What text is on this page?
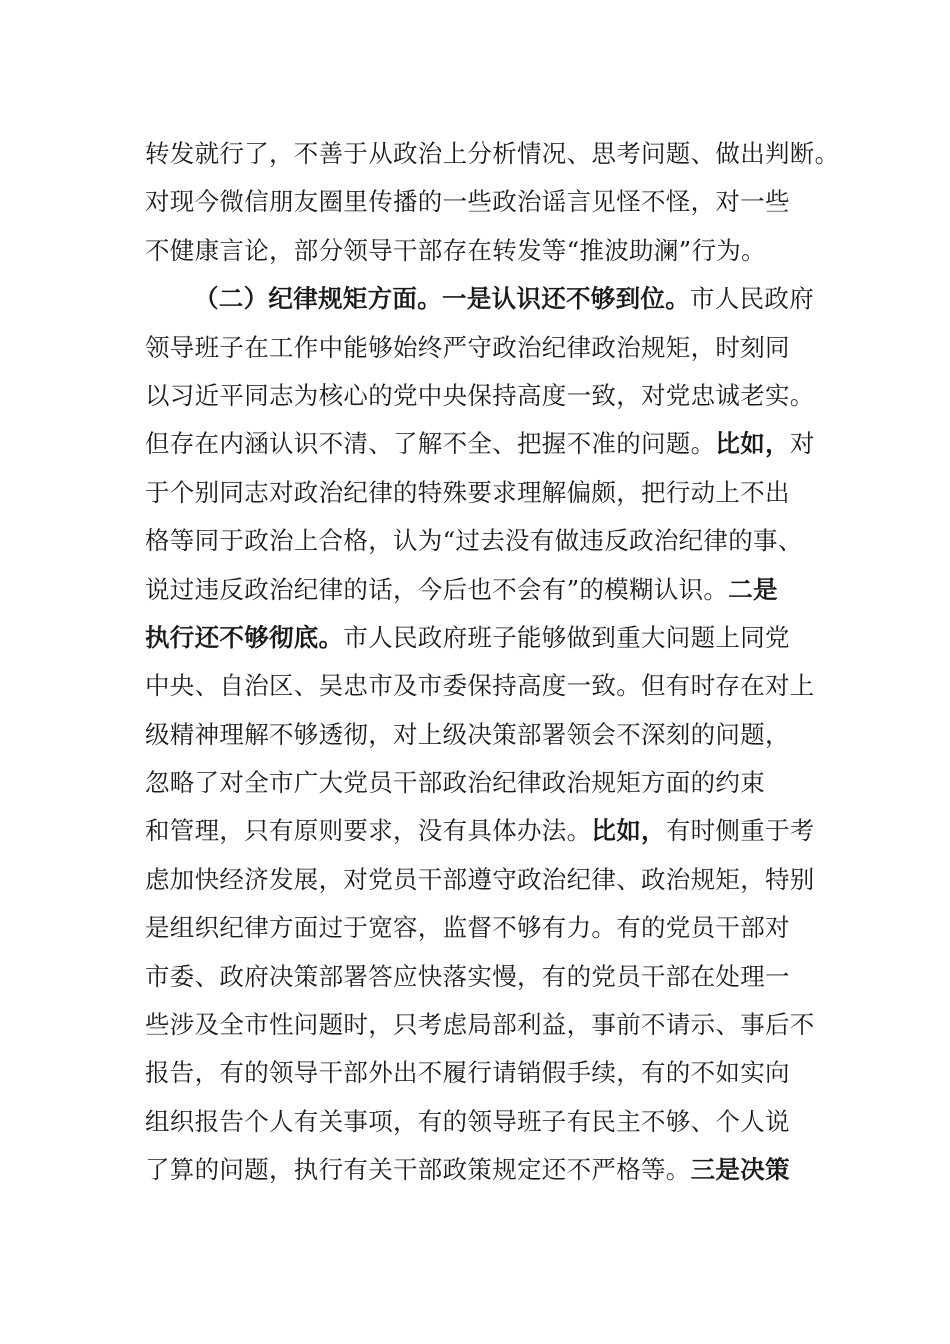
转发就行了，不善于从政治上分析情况、思考问题、做出判断。
对现今微信朋友圈里传播的一些政治谣言见怪不怪，对一些
不健康言论，部分领导干部存在转发等“推波助澜”行为。
（二）纪律规矩方面。一是认识还不够到位。市人民政府
领导班子在工作中能够始终严守政治纪律政治规矩，时刻同
以习近平同志为核心的党中央保持高度一致，对党忠诚老实。
但存在内涵认识不清、了解不全、把握不准的问题。比如，对
于个别同志对政治纪律的特殊要求理解偏颇，把行动上不出
格等同于政治上合格，认为“过去没有做违反政治纪律的事、
说过违反政治纪律的话，今后也不会有”的模糊认识。二是
执行还不够彻底。市人民政府班子能够做到重大问题上同党
中央、自治区、吴忠市及市委保持高度一致。但有时存在对上
级精神理解不够透彻，对上级决策部署领会不深刻的问题，
忽略了对全市广大党员干部政治纪律政治规矩方面的约束
和管理，只有原则要求，没有具体办法。比如，有时侧重于考
虑加快经济发展，对党员干部遵守政治纪律、政治规矩，特别
是组织纪律方面过于宽容，监督不够有力。有的党员干部对
市委、政府决策部署答应快落实慢，有的党员干部在处理一
些涉及全市性问题时，只考虑局部利益，事前不请示、事后不
报告，有的领导干部外出不履行请销假手续，有的不如实向
组织报告个人有关事项，有的领导班子有民主不够、个人说
了算的问题，执行有关干部政策规定还不严格等。三是决策
